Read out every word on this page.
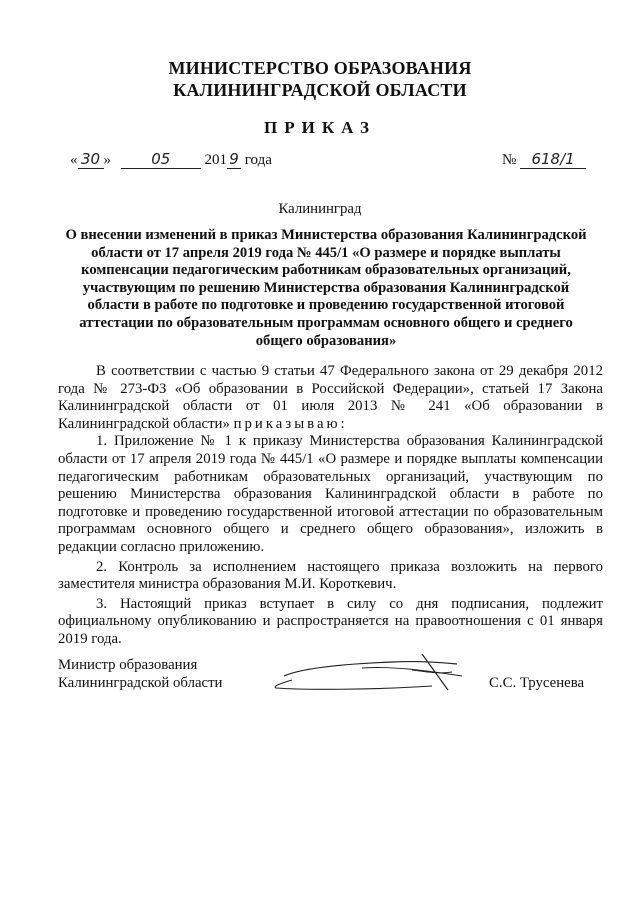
МИНИСТЕРСТВО ОБРАЗОВАНИЯ
КАЛИНИНГРАДСКОЙ ОБЛАСТИ
ПРИКАЗ
« 30 »	05 201 9 года	№ 618/1
Калининград
О внесении изменений в приказ Министерства образования Калининградской
области от 17 апреля 2019 года № 445/1 «О размере и порядке выплаты
компенсации педагогическим работникам образовательных организаций,
участвующим по решению Министерства образования Калининградской
области в работе по подготовке и проведению государственной итоговой
аттестации по образовательным программам основного общего и среднего
общего образования»

В соответствии с частью 9 статьи 47 Федерального закона от 29 декабря 2012 года № 273-ФЗ «Об образовании в Российской Федерации», статьей 17 Закона Калининградской области от 01 июля 2013 № 241 «Об образовании в Калининградской области» приказываю:

1. Приложение № 1 к приказу Министерства образования Калининградской области от 17 апреля 2019 года № 445/1 «О размере и порядке выплаты компенсации педагогическим работникам образовательных организаций, участвующим по решению Министерства образования Калининградской области в работе по подготовке и проведению государственной итоговой аттестации по образовательным программам основного общего и среднего общего образования», изложить в редакции согласно приложению.

2. Контроль за исполнением настоящего приказа возложить на первого заместителя министра образования М.И. Короткевич.

3. Настоящий приказ вступает в силу со дня подписания, подлежит официальному опубликованию и распространяется на правоотношения с 01 января 2019 года.

Министр образования
Калининградской области	С.С. Трусенева
